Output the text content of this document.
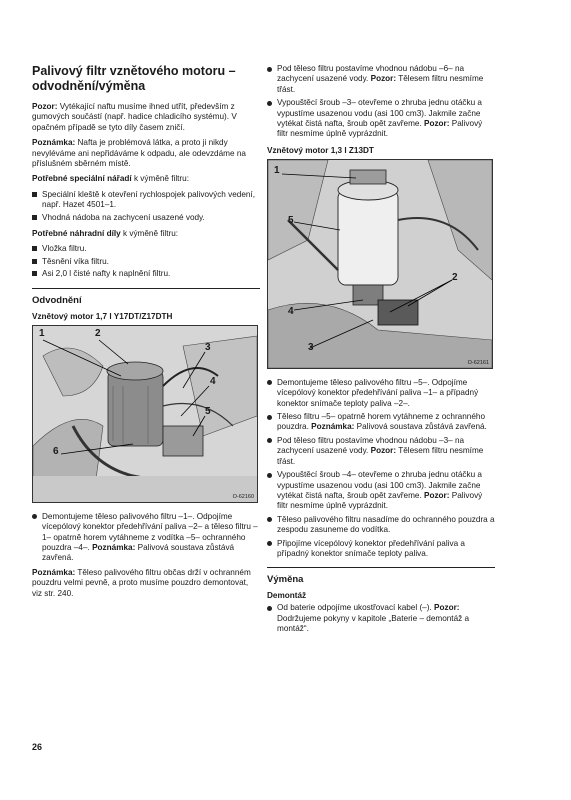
Palivový filtr vznětového motoru – odvodnění/výměna

Pozor: Vytékající naftu musíme ihned utřít, především z gumových součástí (např. hadice chladicího systému). V opačném případě se tyto díly časem zničí.

Poznámka: Nafta je problémová látka, a proto ji nikdy nevyléváme ani nepřidáváme k odpadu, ale odevzdáme na příslušném sběrném místě.

Potřebné speciální nářadí k výměně filtru:

Speciální kleště k otevření rychlospojek palivových vedení, např. Hazet 4501–1.
Vhodná nádoba na zachycení usazené vody.

Potřebné náhradní díly k výměně filtru:

Vložka filtru.
Těsnění víka filtru.
Asi 2,0 l čisté nafty k naplnění filtru.
Odvodnění
Vznětový motor 1,7 l Y17DT/Z17DTH
1	2
3
4
5
6
O-62160
Demontujeme těleso palivového filtru –1–. Odpojíme vícepólový konektor předehřívání paliva –2– a těleso filtru –1– opatrně horem vytáhneme z vodítka –5– ochranného pouzdra –4–. Poznámka: Palivová soustava zůstává zavřená.

Poznámka: Těleso palivového filtru občas drží v ochranném pouzdru velmi pevně, a proto musíme pouzdro demontovat, viz str. 240.

Pod těleso filtru postavíme vhodnou nádobu –6– na zachycení usazené vody. Pozor: Tělesem filtru nesmíme třást.
Vypouštěcí šroub –3– otevřeme o zhruba jednu otáčku a vypustíme usazenou vodu (asi 100 cm3). Jakmile začne vytékat čistá nafta, šroub opět zavřeme. Pozor: Palivový filtr nesmíme úplně vyprázdnit.
Vznětový motor 1,3 l Z13DT
1
5
2
4
3
O-62161
Demontujeme těleso palivového filtru –5–. Odpojíme vícepólový konektor předehřívání paliva –1– a případný konektor snímače teploty paliva –2–.
Těleso filtru –5– opatrně horem vytáhneme z ochranného pouzdra. Poznámka: Palivová soustava zůstává zavřená.
Pod těleso filtru postavíme vhodnou nádobu –3– na zachycení usazené vody. Pozor: Tělesem filtru nesmíme třást.
Vypouštěcí šroub –4– otevřeme o zhruba jednu otáčku a vypustíme usazenou vodu (asi 100 cm3). Jakmile začne vytékat čistá nafta, šroub opět zavřeme. Pozor: Palivový filtr nesmíme úplně vyprázdnit.
Těleso palivového filtru nasadíme do ochranného pouzdra a zespodu zasuneme do vodítka.
Připojíme vícepólový konektor předehřívání paliva a případný konektor snímače teploty paliva.
Výměna
Demontáž
Od baterie odpojíme ukostřovací kabel (–). Pozor: Dodržujeme pokyny v kapitole „Baterie – demontáž a montáž“.
26
